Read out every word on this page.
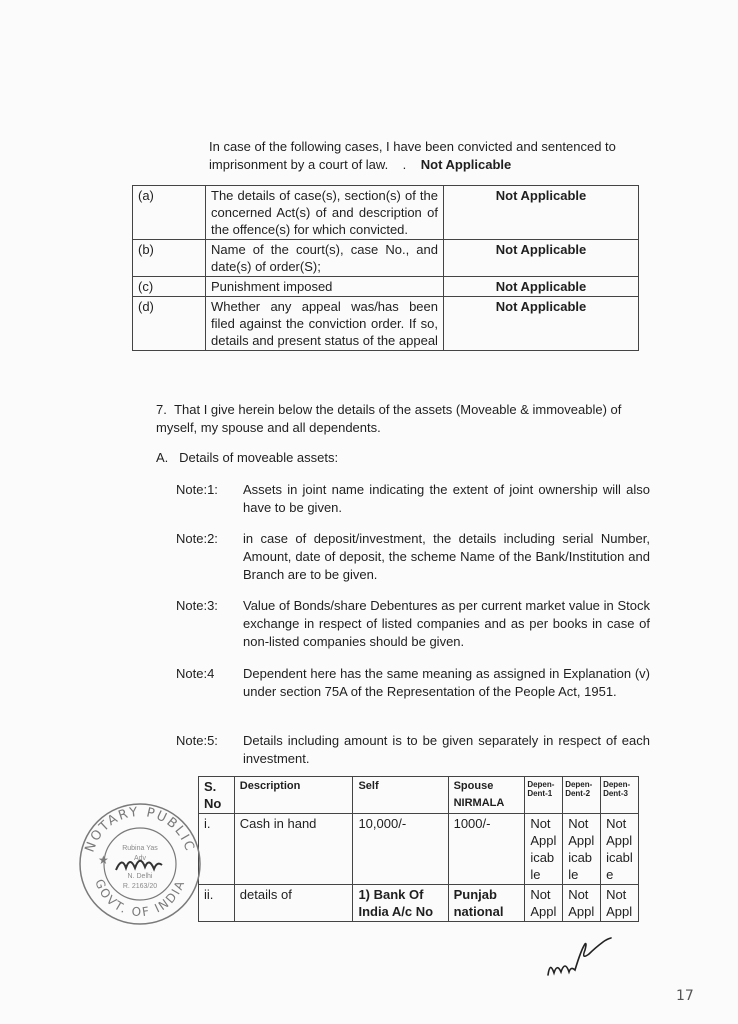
In case of the following cases, I have been convicted and sentenced to imprisonment by a court of law. . Not Applicable
(a)	The details of case(s), section(s) of the concerned Act(s) of and description of the offence(s) for which convicted.	Not Applicable
(b)	Name of the court(s), case No., and date(s) of order(S);	Not Applicable
(c)	Punishment imposed	Not Applicable
(d)	Whether any appeal was/has been filed against the conviction order. If so, details and present status of the appeal	Not Applicable
7. That I give herein below the details of the assets (Moveable & immoveable) of myself, my spouse and all dependents.
A. Details of moveable assets:
Note:1:	Assets in joint name indicating the extent of joint ownership will also have to be given.
Note:2:	in case of deposit/investment, the details including serial Number, Amount, date of deposit, the scheme Name of the Bank/Institution and Branch are to be given.
Note:3:	Value of Bonds/share Debentures as per current market value in Stock exchange in respect of listed companies and as per books in case of non-listed companies should be given.
Note:4	Dependent here has the same meaning as assigned in Explanation (v) under section 75A of the Representation of the People Act, 1951.
Note:5:	Details including amount is to be given separately in respect of each investment.
S. No	Description	Self	Spouse NIRMALA	Depen-Dent-1	Depen-Dent-2	Depen-Dent-3
i.	Cash in hand	10,000/-	1000/-	Not Appl icab le	Not Appl icab le	Not Appl icabl e
ii.	details of	1) Bank Of India A/c No	Punjab national	Not Appl	Not Appl	Not Appl
NOTARY PUBLIC
GOVT. OF INDIA
Rubina Yas
Adv
N. Delhi
R. 2163/20
★
17
